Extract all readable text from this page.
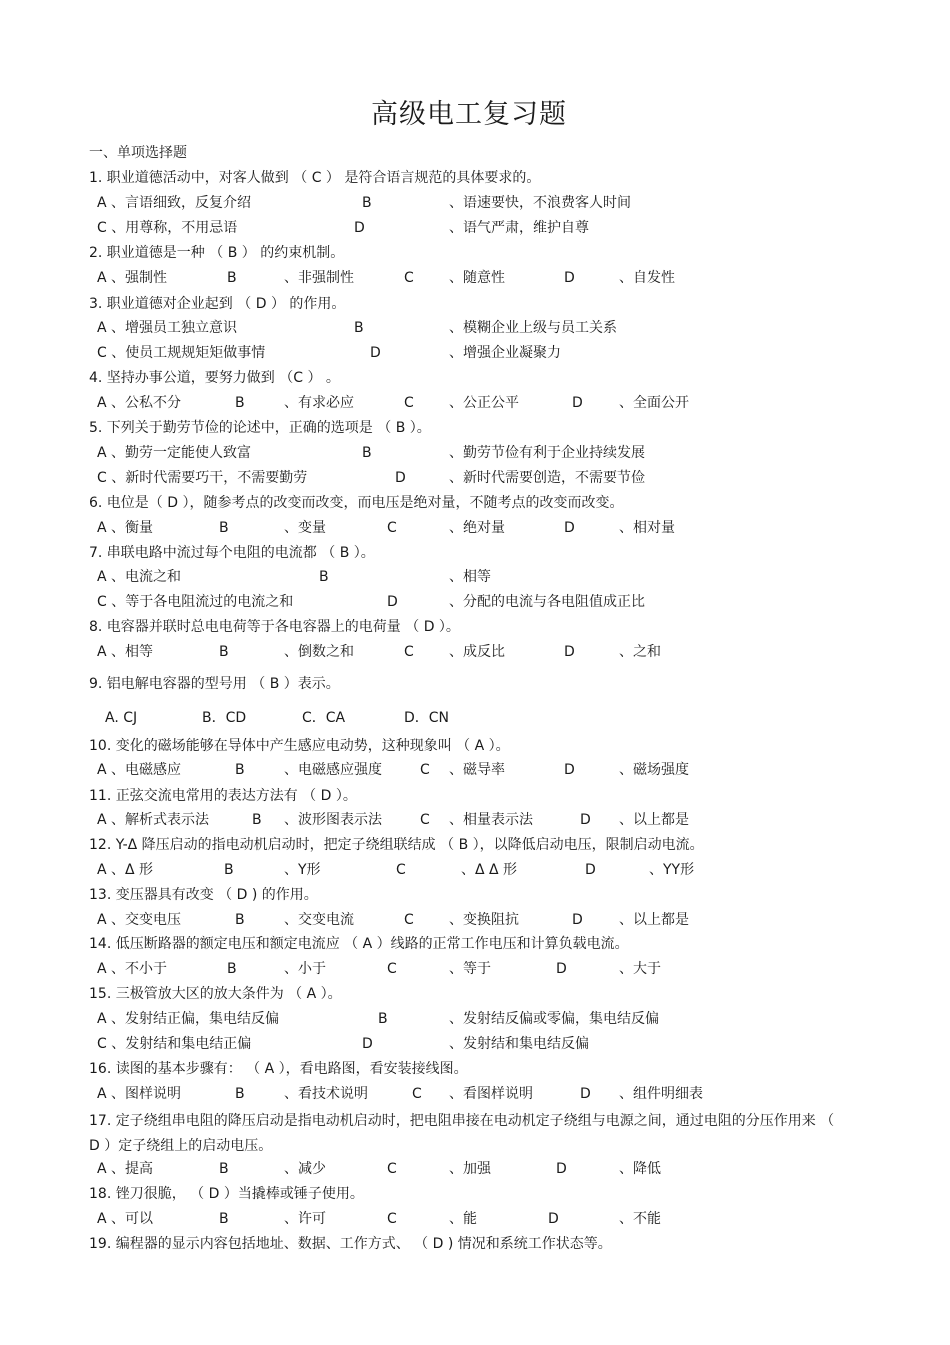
高级电工复习题
一、单项选择题
1. 职业道德活动中，对客人做到 （ C ） 是符合语言规范的具体要求的。
A 、言语细致，反复介绍	B	、语速要快，不浪费客人时间
C 、用尊称，不用忌语	D	、语气严肃，维护自尊
2. 职业道德是一种 （ B ） 的约束机制。
A 、强制性	B	、非强制性	C	、随意性	D	、自发性
3. 职业道德对企业起到 （ D ） 的作用。
A 、增强员工独立意识	B	、模糊企业上级与员工关系
C 、使员工规规矩矩做事情	D	、增强企业凝聚力
4. 坚持办事公道，要努力做到 （C ） 。
A 、公私不分	B	、有求必应	C	、公正公平	D	、全面公开
5. 下列关于勤劳节俭的论述中，正确的选项是 （ B ）。
A 、勤劳一定能使人致富	B	、勤劳节俭有利于企业持续发展
C 、新时代需要巧干，不需要勤劳	D	、新时代需要创造，不需要节俭
6. 电位是（ D ），随参考点的改变而改变，而电压是绝对量，不随考点的改变而改变。
A 、衡量	B	、变量	C	、绝对量	D	、相对量
7. 串联电路中流过每个电阻的电流都 （ B ）。
A 、电流之和	B	、相等
C 、等于各电阻流过的电流之和	D	、分配的电流与各电阻值成正比
8. 电容器并联时总电电荷等于各电容器上的电荷量 （ D ）。
A 、相等	B	、倒数之和	C	、成反比	D	、之和
9. 铝电解电容器的型号用 （ B ）表示。
A. CJ	B．CD	C．CA	D．CN
10. 变化的磁场能够在导体中产生感应电动势，这种现象叫 （ A ）。
A 、电磁感应	B	、电磁感应强度	C 、磁导率	D	、磁场强度
11. 正弦交流电常用的表达方法有 （ D ）。
A 、解析式表示法	B 、波形图表示法	C 、相量表示法	D 、以上都是
12. Y-Δ 降压启动的指电动机启动时，把定子绕组联结成 （ B ），以降低启动电压，限制启动电流。
A 、Δ 形	B	、Y形	C	、Δ Δ 形	D	、YY形
13. 变压器具有改变 （ D ) 的作用。
A 、交变电压	B	、交变电流	C	、变换阻抗	D	、以上都是
14. 低压断路器的额定电压和额定电流应 （ A ）线路的正常工作电压和计算负载电流。
A 、不小于	B	、小于	C	、等于	D	、大于
15. 三极管放大区的放大条件为 （ A ）。
A 、发射结正偏，集电结反偏	B	、发射结反偏或零偏，集电结反偏
C 、发射结和集电结正偏	D	、发射结和集电结反偏
16. 读图的基本步骤有： （ A ），看电路图，看安装接线图。
A 、图样说明	B	、看技术说明	C 、看图样说明	D 、组件明细表
17. 定子绕组串电阻的降压启动是指电动机启动时，把电阻串接在电动机定子绕组与电源之间，通过电阻的分压作用来 （ D ）定子绕组上的启动电压。
A 、提高	B	、减少	C	、加强	D	、降低
18. 锉刀很脆， （ D ）当撬棒或锤子使用。
A 、可以	B	、许可	C	、能	D	、不能
19. 编程器的显示内容包括地址、数据、工作方式、 （ D ) 情况和系统工作状态等。
